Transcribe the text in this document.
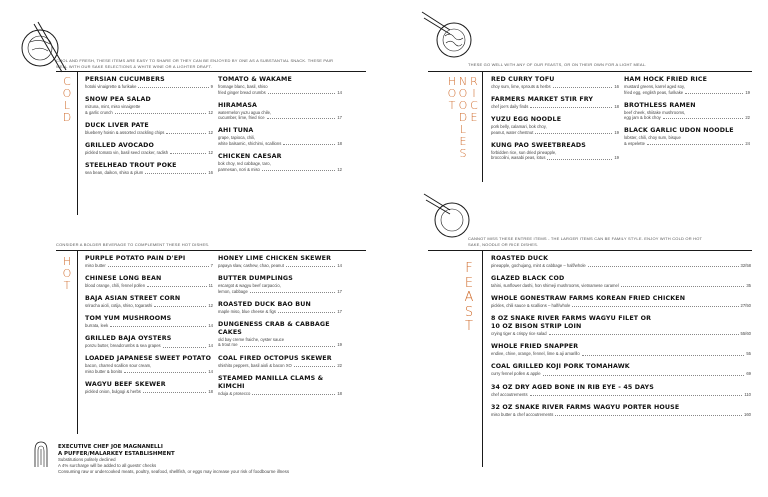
COOL AND FRESH, THESE ITEMS ARE EASY TO SHARE OR THEY CAN BE ENJOYED BY ONE AS A SUBSTANTIAL SNACK. THESE PAIR WELL WITH OUR SAKE SELECTIONS & WHITE WINE OR A LIGHTER DRAFT.
C
O
L
D
PERSIAN CUCUMBERS
hotoki vinaigrette & furikake	9
SNOW PEA SALAD
mizuna, mint, miso vinaigrette
& garlic crunch	12
DUCK LIVER PATE
blueberry hoisin & assorted crackling chips	12
GRILLED AVOCADO
pickled tomato vin, basil seed cracker, radish	12
STEELHEAD TROUT POKE
sea bean, daikon, shiso & plum	16
TOMATO & WAKAME
fromage blanc, basil, shiso
fried ginger bread crumbs	14
HIRAMASA
watermelon yuzu agua chile,
cucumber, lime, fried rice	17
AHI TUNA
grape, tapioca, chili,
white balsamic, shichimi, scallions	18
CHICKEN CAESAR
bok choy, red cabbage, taro,
parmesan, nori & miso	12
CONSIDER A BOLDER BEVERAGE TO COMPLEMENT THESE HOT DISHES.
H
O
T
PURPLE POTATO PAIN D'EPI
miso butter	7
CHINESE LONG BEAN
blood orange, chili, fennel pollen	11
BAJA ASIAN STREET CORN
sriracha aioli, cotija, shiso, togarashi	12
TOM YUM MUSHROOMS
burrata, leek	14
GRILLED BAJA OYSTERS
ponzu butter, breadcrumbs & sea grapes	14
LOADED JAPANESE SWEET POTATO
bacon, charred scallion sour cream,
miso butter & bonito	14
WAGYU BEEF SKEWER
pickled onion, bulgogi & herbs	18
HONEY LIME CHICKEN SKEWER
papaya slaw, cashew, chao, peanut	14
BUTTER DUMPLINGS
escargot & wagyu beef carpaccio,
lemon, cabbage	17
ROASTED DUCK BAO BUN
maple miso, blue cheese & figs	17
DUNGENESS CRAB & CABBAGE CAKES
old bay creme fraiche, oyster sauce
& trout roe	19
COAL FIRED OCTOPUS SKEWER
shishito peppers, basil aioli & bacon XO	22
STEAMED MANILLA CLAMS & KIMCHI
nduja & prosecco	18
EXECUTIVE CHEF JOE MAGNANELLI
A PUFFER/MALARKEY ESTABLISHMENT
Substitutions politely declined
A 4% surcharge will be added to all guests' checks
Consuming raw or undercooked meats, poultry, seafood, shellfish, or eggs may increase your risk of foodbourne illness
THESE GO WELL WITH ANY OF OUR FEASTS, OR ON THEIR OWN FOR A LIGHT MEAL.
H
O
T
N
O
O
D
L
E
S
R
I
C
E
RED CURRY TOFU
choy sum, lime, sprouts & herbs	16
FARMERS MARKET STIR FRY
chef joe's daily finds	18
YUZU EGG NOODLE
pork belly, calamari, bok choy,
peanut, water chestnut	19
KUNG PAO SWEETBREADS
forbidden rice, sun dried pineapple,
broccolini, wasabi peas, lotus	19
HAM HOCK FRIED RICE
mustard greens, karrel aged soy,
fried egg, english peas, furikake	19
BROTHLESS RAMEN
beef cheek, shiitake mushrooms,
egg jam & bok choy	22
BLACK GARLIC UDON NOODLE
lobster, chili, choy sum, bisque
& espelette	24
CANNOT MISS THESE ENTREE ITEMS - THE LARGER ITEMS CAN BE FAMILY STYLE. ENJOY WITH COLD OR HOT SAKE, NOODLE OR RICE DISHES.
F
E
A
S
T
ROASTED DUCK
pineapple, gochujang, mint & cabbage – half/whole	32/58
GLAZED BLACK COD
tahini, sunflower dashi, hon shimeji mushrooms, vietnamese caramel	35
WHOLE GONESTRAW FARMS KOREAN FRIED CHICKEN
pickles, chili sauce & scallions – half/whole	27/50
8 OZ SNAKE RIVER FARMS WAGYU FILET OR
10 OZ BISON STRIP LOIN
crying tiger & crispy rice salad	55/60
WHOLE FRIED SNAPPER
endive, chive, orange, fennel, lime & aji amarillo	55
COAL GRILLED KOJI PORK TOMAHAWK
curry fennel pollen & apple	69
34 OZ DRY AGED BONE IN RIB EYE - 45 DAYS
chef accoutrements	110
32 OZ SNAKE RIVER FARMS WAGYU PORTER HOUSE
miso butter & chef accoutrements	160
